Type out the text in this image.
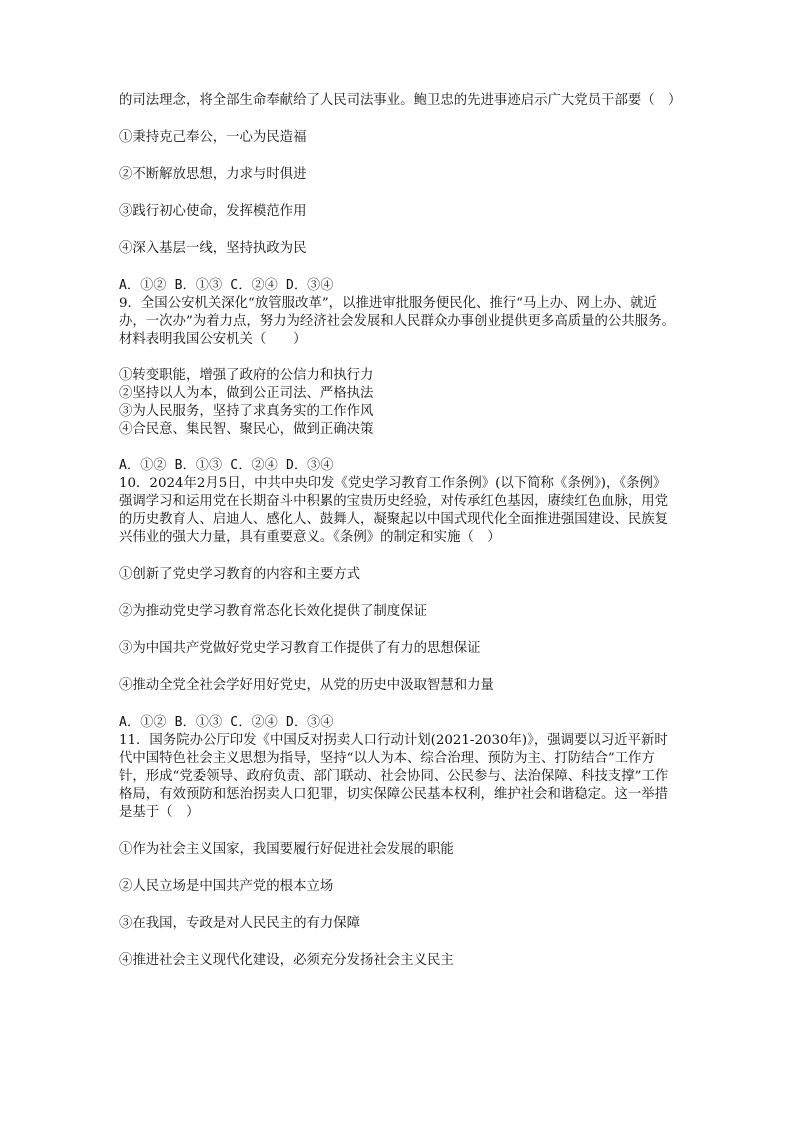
的司法理念，将全部生命奉献给了人民司法事业。鲍卫忠的先进事迹启示广大党员干部要（　）

①秉持克己奉公，一心为民造福

②不断解放思想，力求与时俱进

③践行初心使命，发挥模范作用

④深入基层一线，坚持执政为民

A．①② B．①③ C．②④ D．③④

9．全国公安机关深化“放管服改革”，以推进审批服务便民化、推行“马上办、网上办、就近办，一次办”为着力点，努力为经济社会发展和人民群众办事创业提供更多高质量的公共服务。材料表明我国公安机关（　　）

①转变职能，增强了政府的公信力和执行力

②坚持以人为本，做到公正司法、严格执法

③为人民服务，坚持了求真务实的工作作风

④合民意、集民智、聚民心，做到正确决策

A．①② B．①③ C．②④ D．③④

10．2024年2月5日，中共中央印发《党史学习教育工作条例》(以下简称《条例》)，《条例》强调学习和运用党在长期奋斗中积累的宝贵历史经验，对传承红色基因，赓续红色血脉，用党的历史教育人、启迪人、感化人、鼓舞人，凝聚起以中国式现代化全面推进强国建设、民族复兴伟业的强大力量，具有重要意义。《条例》的制定和实施（　）

①创新了党史学习教育的内容和主要方式

②为推动党史学习教育常态化长效化提供了制度保证

③为中国共产党做好党史学习教育工作提供了有力的思想保证

④推动全党全社会学好用好党史，从党的历史中汲取智慧和力量

A．①② B．①③ C．②④ D．③④

11．国务院办公厅印发《中国反对拐卖人口行动计划(2021-2030年)》，强调要以习近平新时代中国特色社会主义思想为指导，坚持“以人为本、综合治理、预防为主、打防结合”工作方针，形成“党委领导、政府负责、部门联动、社会协同、公民参与、法治保障、科技支撑”工作格局，有效预防和惩治拐卖人口犯罪，切实保障公民基本权利，维护社会和谐稳定。这一举措是基于（　）

①作为社会主义国家，我国要履行好促进社会发展的职能

②人民立场是中国共产党的根本立场

③在我国，专政是对人民民主的有力保障

④推进社会主义现代化建设，必须充分发扬社会主义民主
